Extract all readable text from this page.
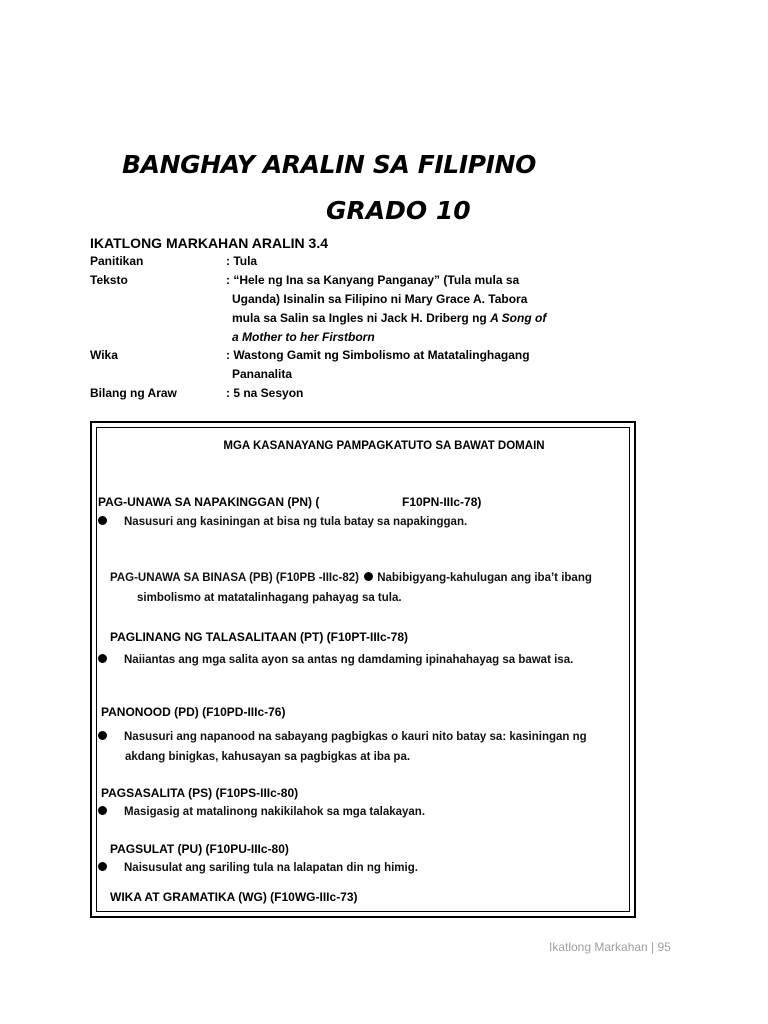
BANGHAY ARALIN SA FILIPINO
GRADO 10
IKATLONG MARKAHAN ARALIN 3.4
Panitikan	: Tula
Teksto	: “Hele ng Ina sa Kanyang Panganay” (Tula mula sa

Uganda) Isinalin sa Filipino ni Mary Grace A. Tabora
mula sa Salin sa Ingles ni Jack H. Driberg ng A Song of
a Mother to her Firstborn
Wika	: Wastong Gamit ng Simbolismo at Matatalinghagang

Pananalita
Bilang ng Araw	: 5 na Sesyon
MGA KASANAYANG PAMPAGKATUTO SA BAWAT DOMAIN
PAG-UNAWA SA NAPAKINGGAN (PN) (	F10PN-IIIc-78)
Nasusuri ang kasiningan at bisa ng tula batay sa napakinggan.
PAG-UNAWA SA BINASA (PB) (F10PB -IIIc-82) Nabibigyang-kahulugan ang iba’t ibang
simbolismo at matatalinhagang pahayag sa tula.
PAGLINANG NG TALASALITAAN (PT) (F10PT-IIIc-78)
Naiiantas ang mga salita ayon sa antas ng damdaming ipinahahayag sa bawat isa.
PANONOOD (PD) (F10PD-IIIc-76)
Nasusuri ang napanood na sabayang pagbigkas o kauri nito batay sa: kasiningan ng
akdang binigkas, kahusayan sa pagbigkas at iba pa.
PAGSASALITA (PS) (F10PS-IIIc-80)
Masigasig at matalinong nakikilahok sa mga talakayan.
PAGSULAT (PU) (F10PU-IIIc-80)
Naisusulat ang sariling tula na lalapatan din ng himig.
WIKA AT GRAMATIKA (WG) (F10WG-IIIc-73)
Ikatlong Markahan | 95
